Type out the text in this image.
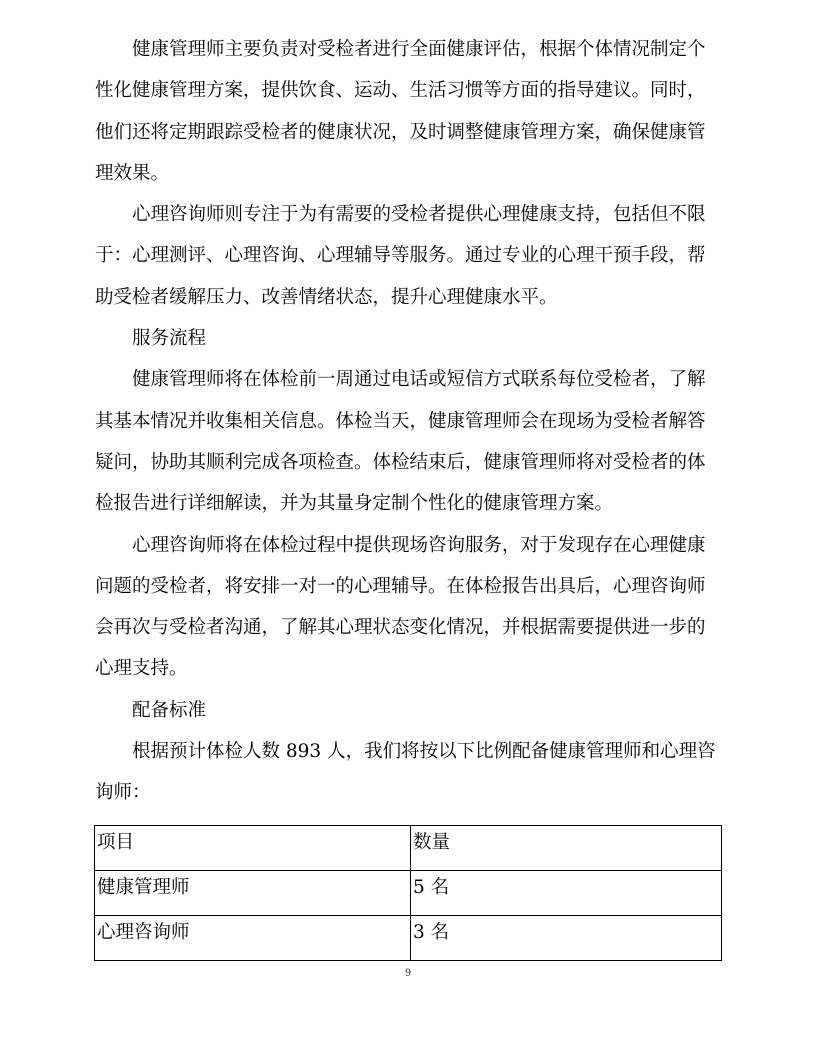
健康管理师主要负责对受检者进行全面健康评估，根据个体情况制定个
性化健康管理方案，提供饮食、运动、生活习惯等方面的指导建议。同时，
他们还将定期跟踪受检者的健康状况，及时调整健康管理方案，确保健康管
理效果。
心理咨询师则专注于为有需要的受检者提供心理健康支持，包括但不限
于：心理测评、心理咨询、心理辅导等服务。通过专业的心理干预手段，帮
助受检者缓解压力、改善情绪状态，提升心理健康水平。
服务流程
健康管理师将在体检前一周通过电话或短信方式联系每位受检者，了解
其基本情况并收集相关信息。体检当天，健康管理师会在现场为受检者解答
疑问，协助其顺利完成各项检查。体检结束后，健康管理师将对受检者的体
检报告进行详细解读，并为其量身定制个性化的健康管理方案。
心理咨询师将在体检过程中提供现场咨询服务，对于发现存在心理健康
问题的受检者，将安排一对一的心理辅导。在体检报告出具后，心理咨询师
会再次与受检者沟通，了解其心理状态变化情况，并根据需要提供进一步的
心理支持。
配备标准
根据预计体检人数 893 人，我们将按以下比例配备健康管理师和心理咨
询师：
项目	数量
健康管理师	5 名
心理咨询师	3 名
9
